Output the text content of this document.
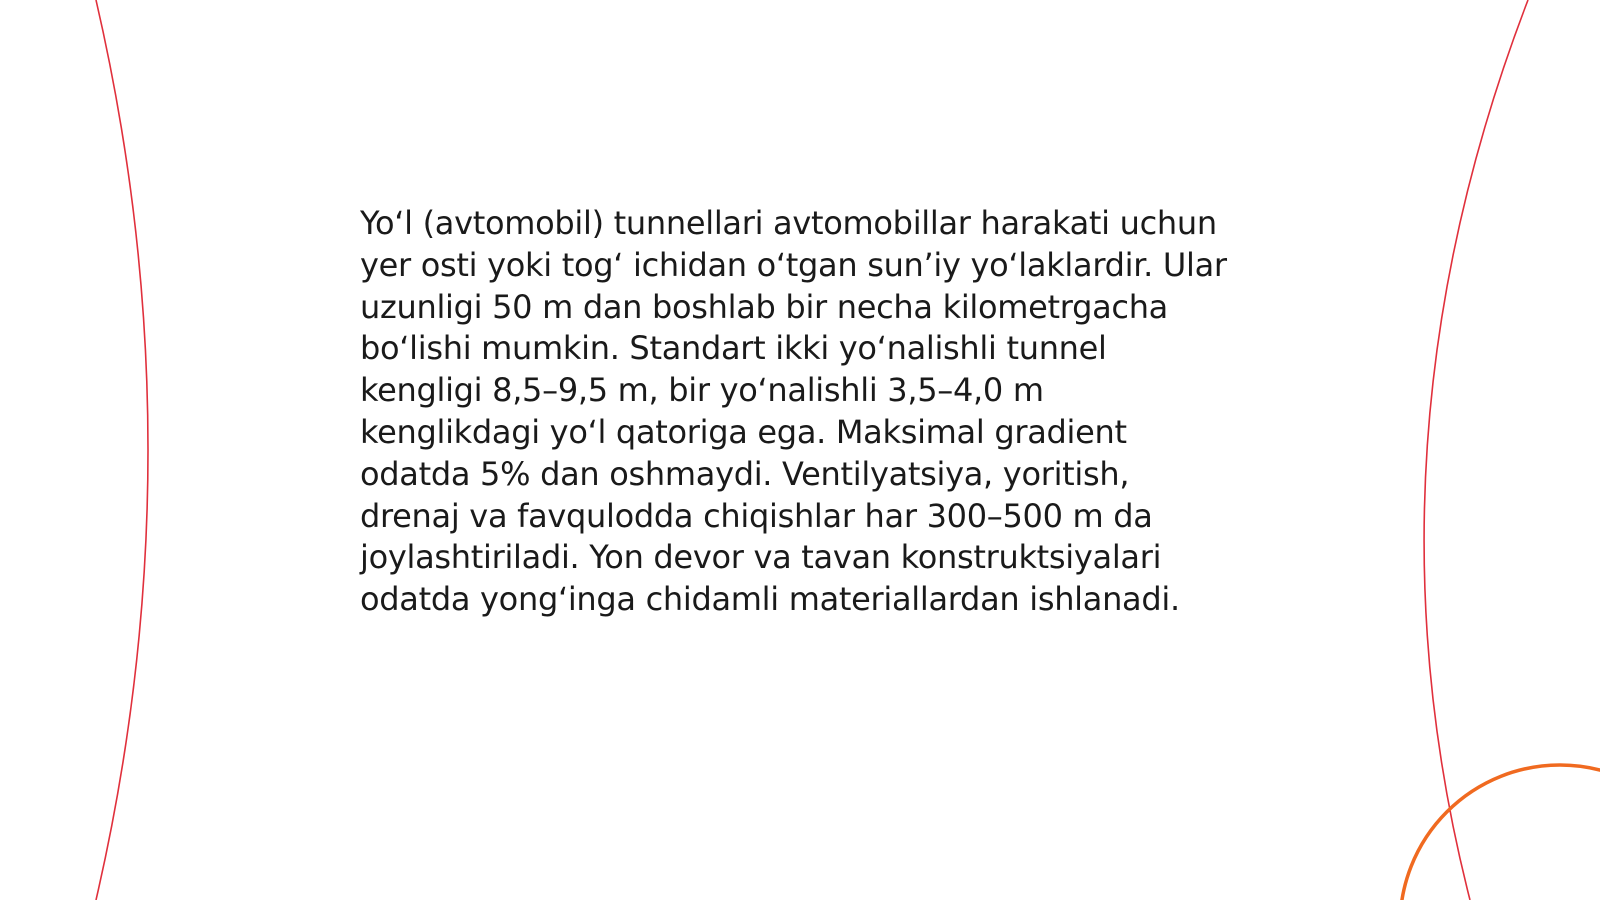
Yo‘l (avtomobil) tunnellari avtomobillar harakati uchun yer osti yoki tog‘ ichidan o‘tgan sun’iy yo‘laklardir. Ular uzunligi 50 m dan boshlab bir necha kilometrgacha bo‘lishi mumkin. Standart ikki yo‘nalishli tunnel kengligi 8,5–9,5 m, bir yo‘nalishli 3,5–4,0 m kenglikdagi yo‘l qatoriga ega. Maksimal gradient odatda 5% dan oshmaydi. Ventilyatsiya, yoritish, drenaj va favqulodda chiqishlar har 300–500 m da joylashtiriladi. Yon devor va tavan konstruktsiyalari odatda yong‘inga chidamli materiallardan ishlanadi.
